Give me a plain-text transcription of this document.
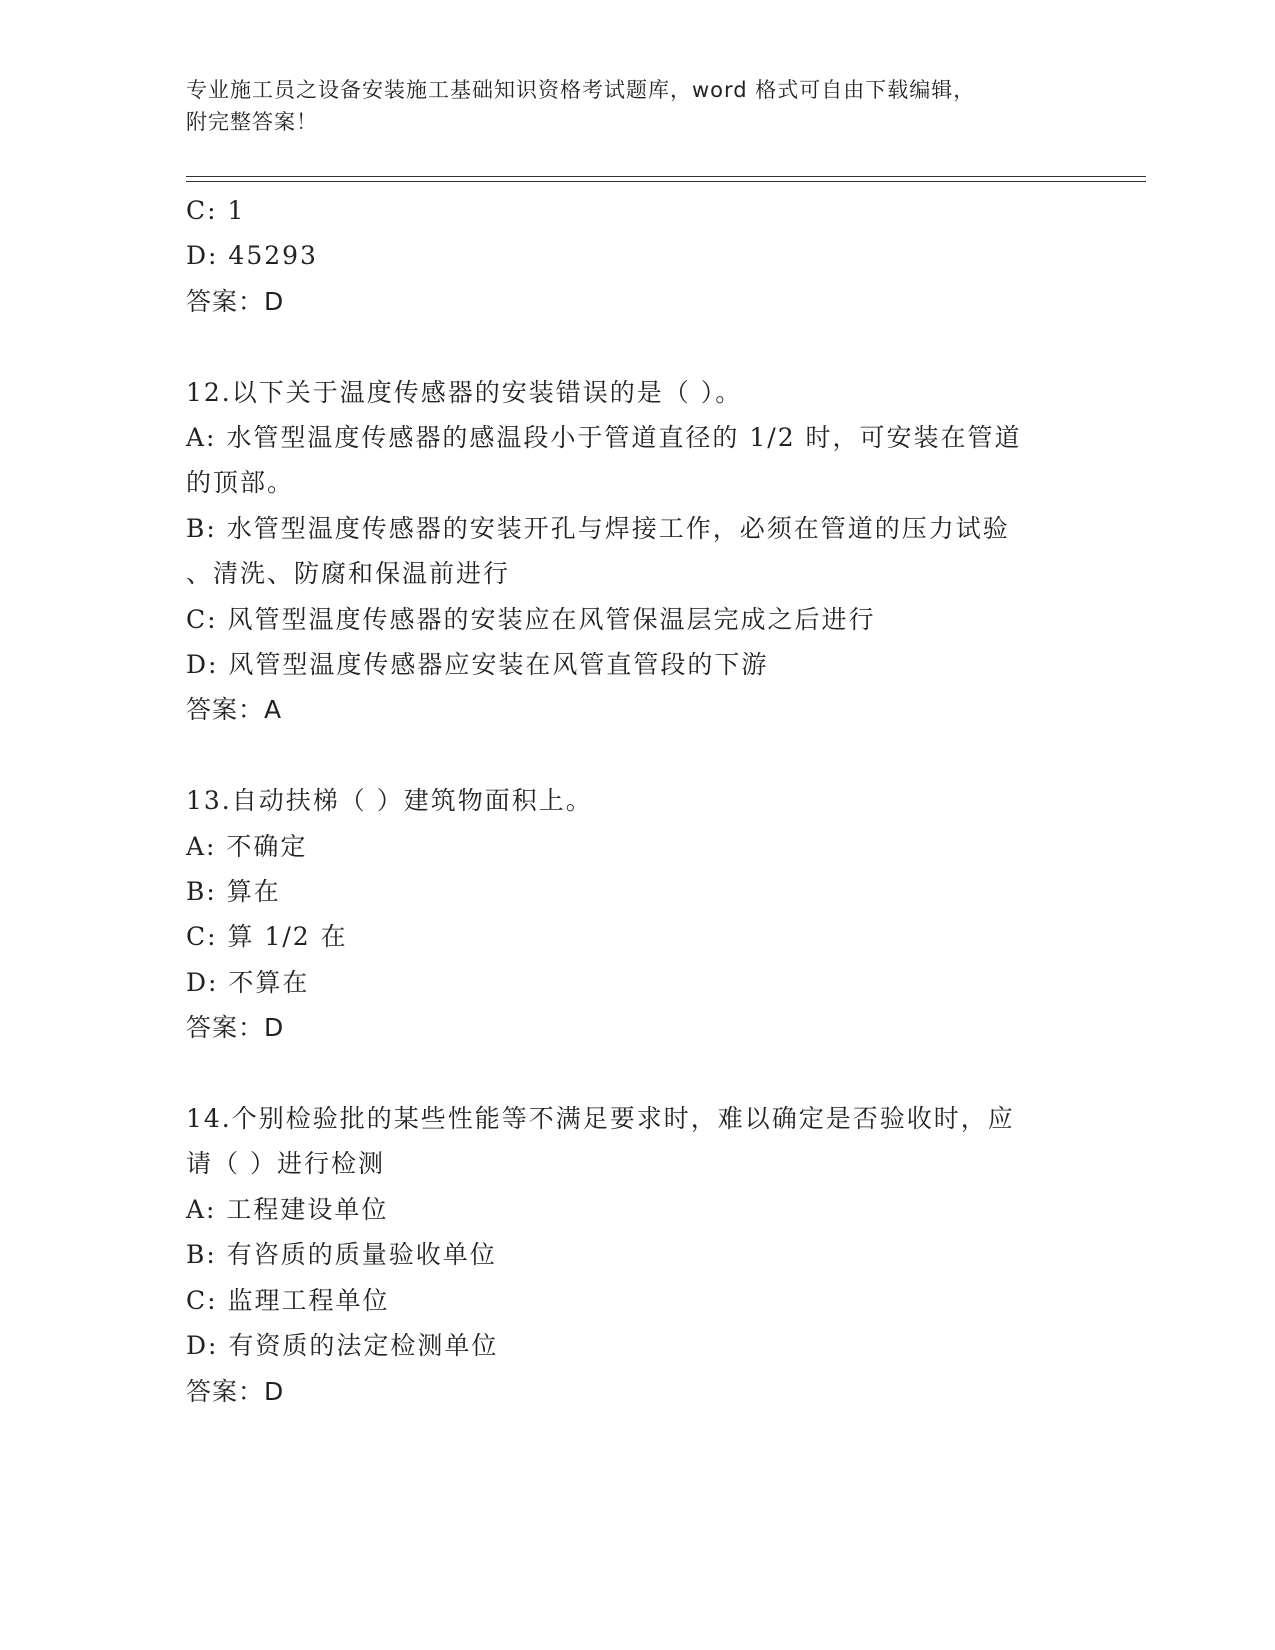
专业施工员之设备安装施工基础知识资格考试题库，word 格式可自由下载编辑，
附完整答案！
C: 1
D: 45293
答案：D
12.以下关于温度传感器的安装错误的是（ ）。
A: 水管型温度传感器的感温段小于管道直径的 1/2 时，可安装在管道
的顶部。
B: 水管型温度传感器的安装开孔与焊接工作，必须在管道的压力试验
、清洗、防腐和保温前进行
C: 风管型温度传感器的安装应在风管保温层完成之后进行
D: 风管型温度传感器应安装在风管直管段的下游
答案：A
13.自动扶梯（ ）建筑物面积上。
A: 不确定
B: 算在
C: 算 1/2 在
D: 不算在
答案：D
14.个别检验批的某些性能等不满足要求时，难以确定是否验收时，应
请（ ）进行检测
A: 工程建设单位
B: 有咨质的质量验收单位
C: 监理工程单位
D: 有资质的法定检测单位
答案：D
